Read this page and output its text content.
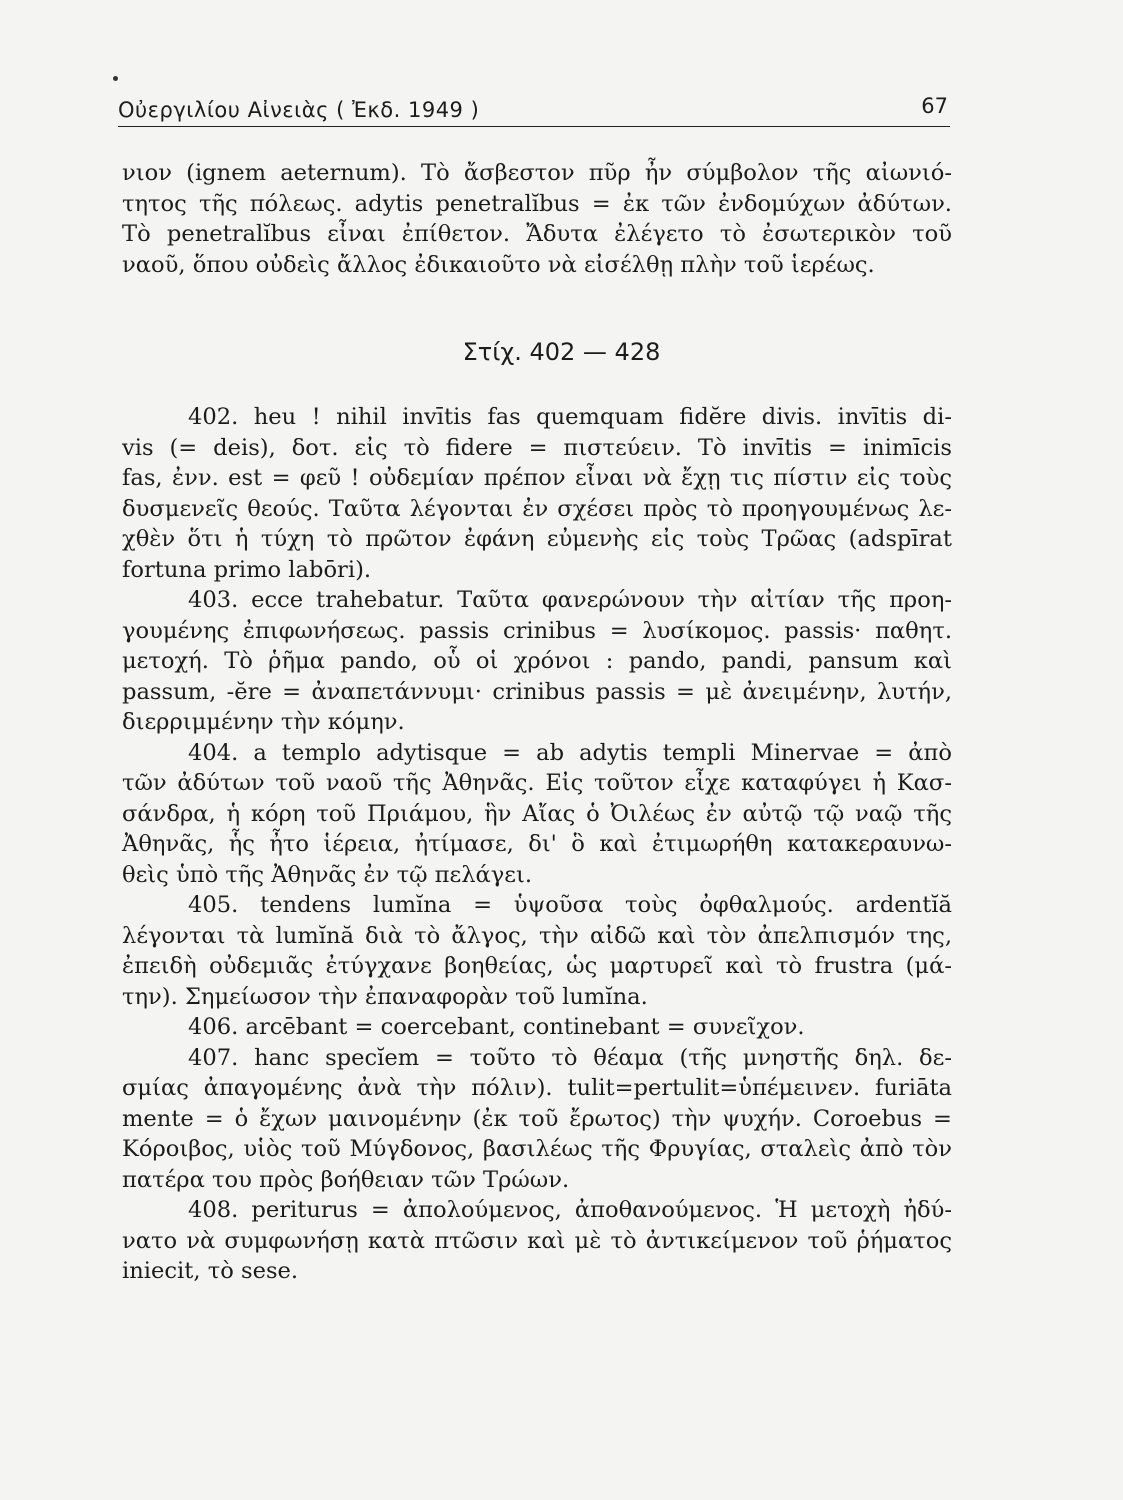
Οὐεργιλίου Αἰνειὰς ( Ἐκδ. 1949 )	67
νιον (ignem aeternum). Τὸ ἄσβεστον πῦρ ἦν σύμβολον τῆς αἰωνιό-
τητος τῆς πόλεως. adytis penetralĭbus = ἐκ τῶν ἐνδομύχων ἀδύτων.
Τὸ penetralĭbus εἶναι ἐπίθετον. Ἄδυτα ἐλέγετο τὸ ἐσωτερικὸν τοῦ
ναοῦ, ὅπου οὐδεὶς ἄλλος ἐδικαιοῦτο νὰ εἰσέλθῃ πλὴν τοῦ ἱερέως.
Στίχ. 402 — 428
402. heu ! nihil invītis fas quemquam fidĕre divis. invītis di-
vis (= deis), δοτ. εἰς τὸ fidere = πιστεύειν. Τὸ invītis = inimīcis
fas, ἐνν. est = φεῦ ! οὐδεμίαν πρέπον εἶναι νὰ ἔχῃ τις πίστιν εἰς τοὺς
δυσμενεῖς θεούς. Ταῦτα λέγονται ἐν σχέσει πρὸς τὸ προηγουμένως λε-
χθὲν ὅτι ἡ τύχη τὸ πρῶτον ἐφάνη εὐμενὴς εἰς τοὺς Τρῶας (adspīrat
fortuna primo labōri).
403. ecce trahebatur. Ταῦτα φανερώνουν τὴν αἰτίαν τῆς προη-
γουμένης ἐπιφωνήσεως. passis crinibus = λυσίκομος. passis· παθητ.
μετοχή. Τὸ ῥῆμα pando, οὗ οἱ χρόνοι : pando, pandi, pansum καὶ
passum, -ĕre = ἀναπετάννυμι· crinibus passis = μὲ ἀνειμένην, λυτήν,
διερριμμένην τὴν κόμην.
404. a templo adytisque = ab adytis templi Minervae = ἀπὸ
τῶν ἀδύτων τοῦ ναοῦ τῆς Ἀθηνᾶς. Εἰς τοῦτον εἶχε καταφύγει ἡ Κασ-
σάνδρα, ἡ κόρη τοῦ Πριάμου, ἣν Αἴας ὁ Ὀιλέως ἐν αὐτῷ τῷ ναῷ τῆς
Ἀθηνᾶς, ἧς ἦτο ἱέρεια, ἠτίμασε, δι' ὃ καὶ ἐτιμωρήθη κατακεραυνω-
θεὶς ὑπὸ τῆς Ἀθηνᾶς ἐν τῷ πελάγει.
405. tendens lumĭna = ὑψοῦσα τοὺς ὀφθαλμούς. ardentĭă
λέγονται τὰ lumĭnă διὰ τὸ ἄλγος, τὴν αἰδῶ καὶ τὸν ἀπελπισμόν της,
ἐπειδὴ οὐδεμιᾶς ἐτύγχανε βοηθείας, ὡς μαρτυρεῖ καὶ τὸ frustra (μά-
την). Σημείωσον τὴν ἐπαναφορὰν τοῦ lumĭna.
406. arcēbant = coercebant, continebant = συνεῖχον.
407. hanc specĭem = τοῦτο τὸ θέαμα (τῆς μνηστῆς δηλ. δε-
σμίας ἀπαγομένης ἀνὰ τὴν πόλιν). tulit=pertulit=ὑπέμεινεν. furiāta
mente = ὁ ἔχων μαινομένην (ἐκ τοῦ ἔρωτος) τὴν ψυχήν. Coroebus =
Κόροιβος, υἱὸς τοῦ Μύγδονος, βασιλέως τῆς Φρυγίας, σταλεὶς ἀπὸ τὸν
πατέρα του πρὸς βοήθειαν τῶν Τρώων.
408. periturus = ἀπολούμενος, ἀποθανούμενος. Ἡ μετοχὴ ἠδύ-
νατο νὰ συμφωνήσῃ κατὰ πτῶσιν καὶ μὲ τὸ ἀντικείμενον τοῦ ῥήματος
iniecit, τὸ sese.
